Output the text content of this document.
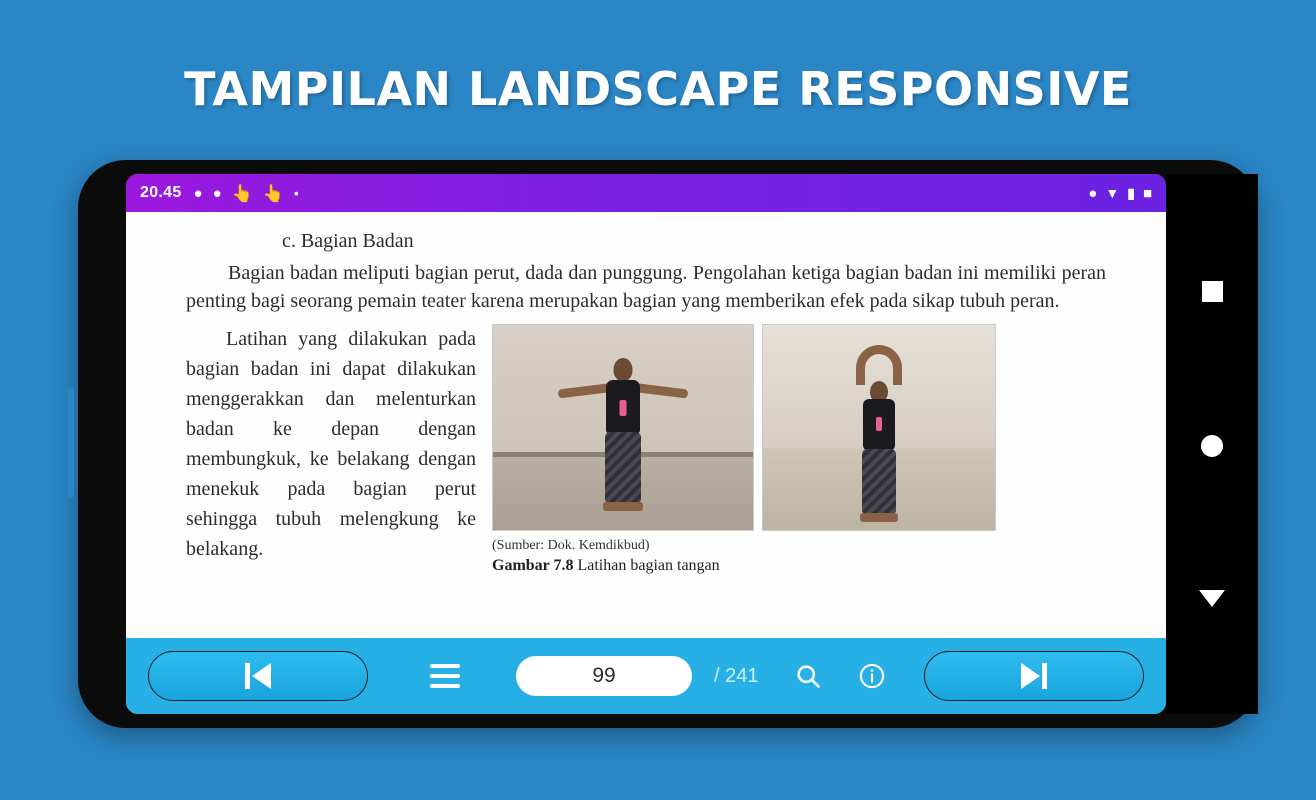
TAMPILAN LANDSCAPE RESPONSIVE
20.45 ● ● 👆 👆 •	● ▼ ▮ ■
c. Bagian Badan

Bagian badan meliputi bagian perut, dada dan punggung. Pengolahan ketiga bagian badan ini memiliki peran penting bagi seorang pemain teater karena merupakan bagian yang memberikan efek pada sikap tubuh peran.

Latihan yang dilakukan pada bagian badan ini dapat dilakukan menggerakkan dan melenturkan badan ke depan dengan membungkuk, ke belakang dengan menekuk pada bagian perut sehingga tubuh melengkung ke belakang.	(Sumber: Dok. Kemdikbud)
Gambar 7.8 Latihan bagian tangan
99	/ 241
